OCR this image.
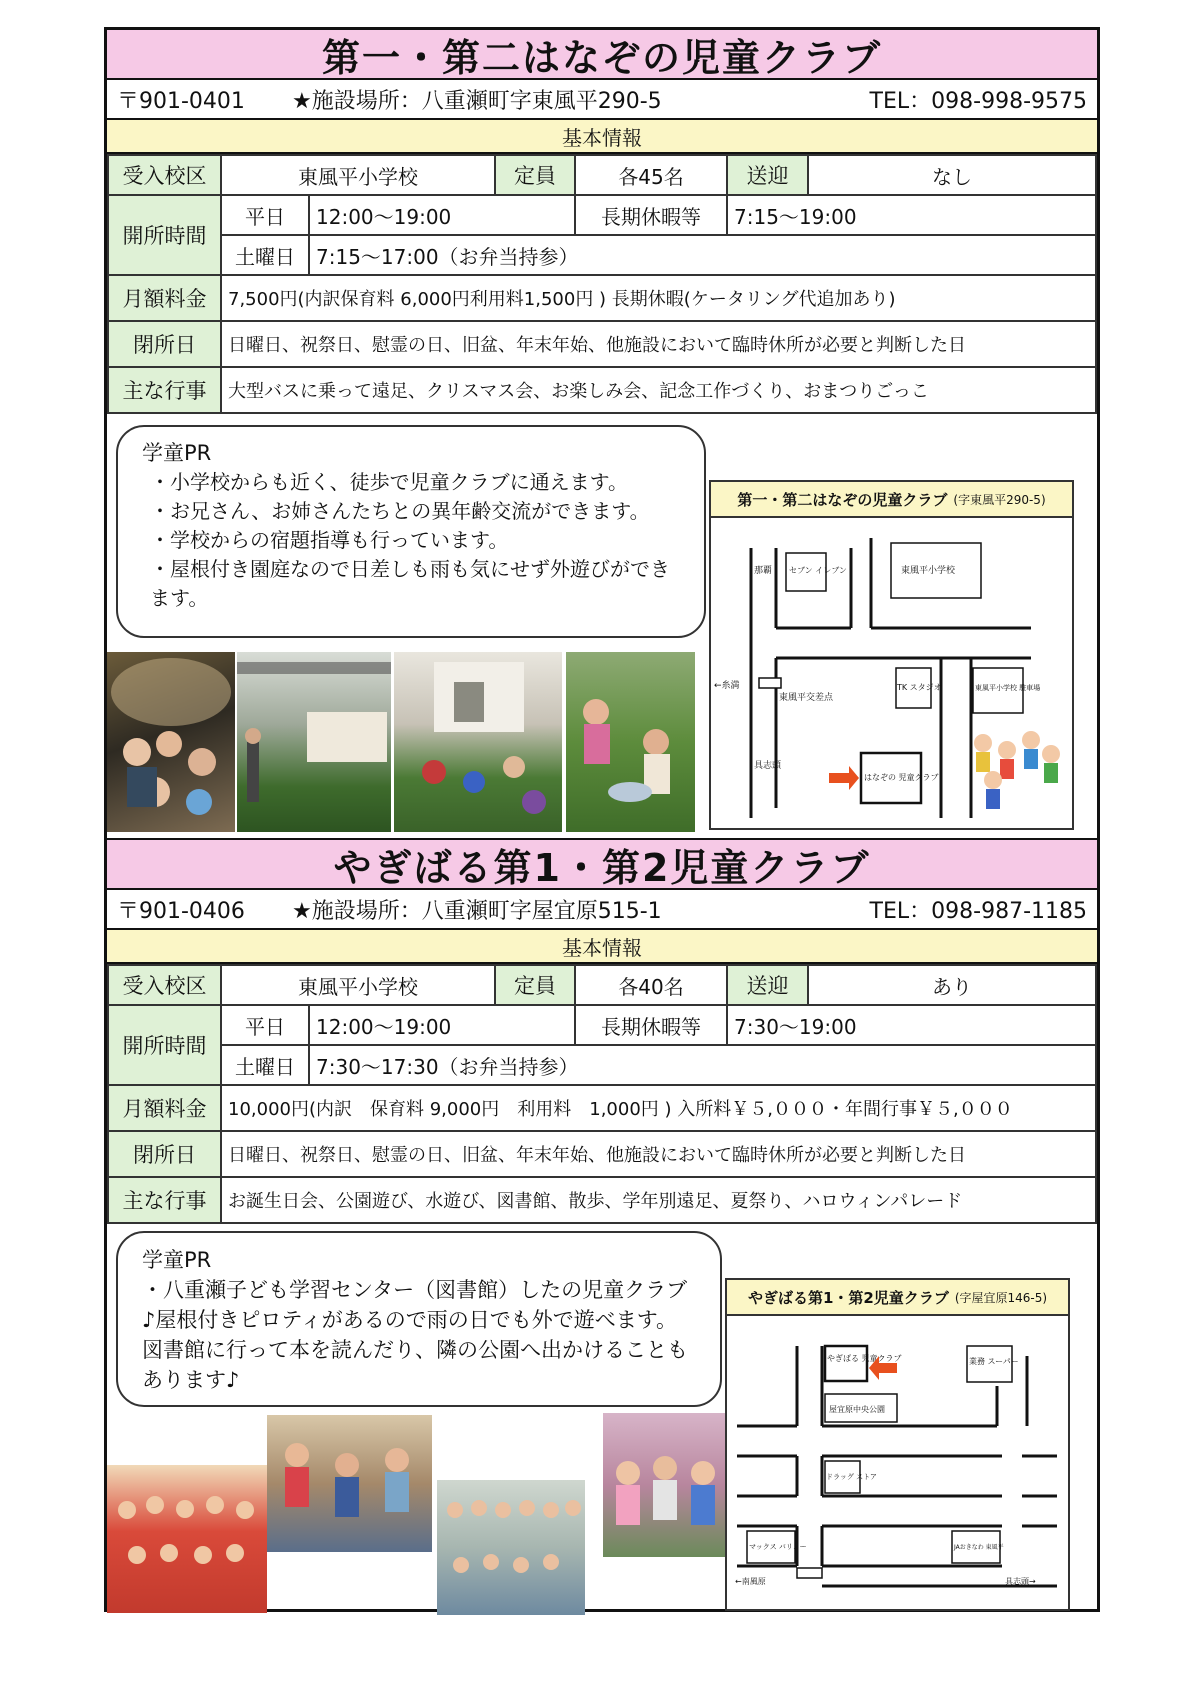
第一・第二はなぞの児童クラブ
〒901-0401	★施設場所：八重瀬町字東風平290-5	TEL：098-998-9575
基本情報
受入校区	東風平小学校		定員	各45名	送迎	なし
開所時間	平日	12:00～19:00		長期休暇等	7:15～19:00	
	土曜日	7:15～17:00（お弁当持参）				
月額料金	7,500円(内訳保育料 6,000円利用料1,500円 ) 長期休暇(ケータリング代追加あり)					
閉所日	日曜日、祝祭日、慰霊の日、旧盆、年末年始、他施設において臨時休所が必要と判断した日					
主な行事	大型バスに乗って遠足、クリスマス会、お楽しみ会、記念工作づくり、おまつりごっこ					
学童PR
・ 小学校からも近く、徒歩で児童クラブに通えます。
・ お兄さん、お姉さんたちとの異年齢交流ができます。
・ 学校からの宿題指導も行っています。
・ 屋根付き園庭なので日差しも雨も気にせず外遊びができます。
第一・第二はなぞの児童クラブ (字東風平290-5)
那覇 セブン イレブン	東風平小学校
TK スタジオ	東風平小学校 駐車場
←糸満
東風平交差点
具志頭
はなぞの 児童クラブ
やぎばる第1・第2児童クラブ
〒901-0406	★施設場所：八重瀬町字屋宜原515-1	TEL：098-987-1185
基本情報
受入校区	東風平小学校		定員	各40名	送迎	あり
開所時間	平日	12:00～19:00		長期休暇等	7:30～19:00	
	土曜日	7:30～17:30（お弁当持参）				
月額料金	10,000円(内訳　保育料 9,000円　利用料　1,000円 ) 入所料￥５,０００・年間行事￥５,０００					
閉所日	日曜日、祝祭日、慰霊の日、旧盆、年末年始、他施設において臨時休所が必要と判断した日					
主な行事	お誕生日会、公園遊び、水遊び、図書館、散歩、学年別遠足、夏祭り、ハロウィンパレード					
学童PR
・八重瀬子ども学習センター（図書館）したの児童クラブ♪屋根付きピロティがあるので雨の日でも外で遊べます。図書館に行って本を読んだり、隣の公園へ出かけることもあります♪
やぎばる第1・第2児童クラブ (字屋宜原146-5)
やぎばる 児童クラブ	業務 スーパー
屋宜原中央公園
ドラッグ ストア
マックス バリュー	JAおきなわ 東風平
←南風原	具志頭→
